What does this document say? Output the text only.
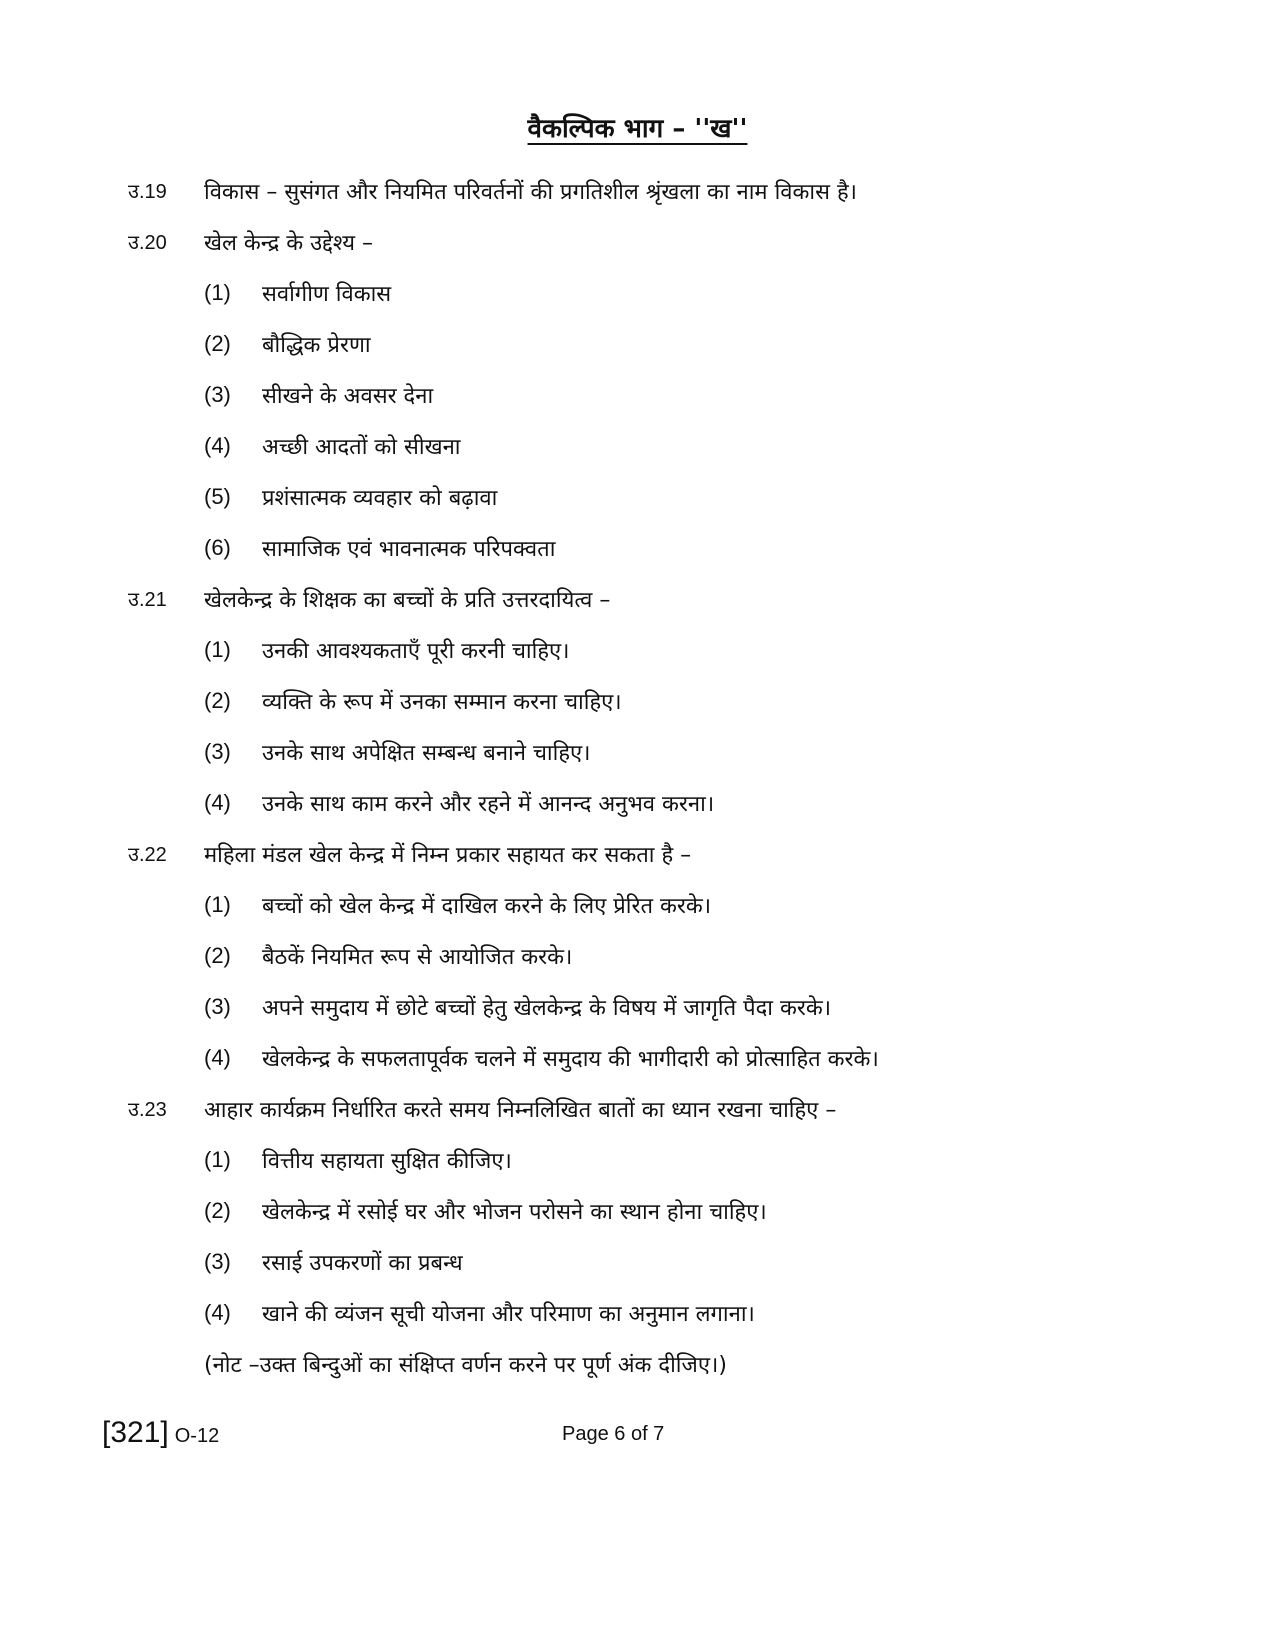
वैकल्पिक भाग – ''ख''
उ.19	विकास – सुसंगत और नियमित परिवर्तनों की प्रगतिशील श्रृंखला का नाम विकास है।
उ.20	खेल केन्द्र के उद्देश्य –
(1)	सर्वागीण विकास
(2)	बौद्धिक प्रेरणा
(3)	सीखने के अवसर देना
(4)	अच्छी आदतों को सीखना
(5)	प्रशंसात्मक व्यवहार को बढ़ावा
(6)	सामाजिक एवं भावनात्मक परिपक्वता
उ.21	खेलकेन्द्र के शिक्षक का बच्चों के प्रति उत्तरदायित्व –
(1)	उनकी आवश्यकताएँ पूरी करनी चाहिए।
(2)	व्यक्ति के रूप में उनका सम्मान करना चाहिए।
(3)	उनके साथ अपेक्षित सम्बन्ध बनाने चाहिए।
(4)	उनके साथ काम करने और रहने में आनन्द अनुभव करना।
उ.22	महिला मंडल खेल केन्द्र में निम्न प्रकार सहायत कर सकता है –
(1)	बच्चों को खेल केन्द्र में दाखिल करने के लिए प्रेरित करके।
(2)	बैठकें नियमित रूप से आयोजित करके।
(3)	अपने समुदाय में छोटे बच्चों हेतु खेलकेन्द्र के विषय में जागृति पैदा करके।
(4)	खेलकेन्द्र के सफलतापूर्वक चलने में समुदाय की भागीदारी को प्रोत्साहित करके।
उ.23	आहार कार्यक्रम निर्धारित करते समय निम्नलिखित बातों का ध्यान रखना चाहिए –
(1)	वित्तीय सहायता सुक्षित कीजिए।
(2)	खेलकेन्द्र में रसोई घर और भोजन परोसने का स्थान होना चाहिए।
(3)	रसाई उपकरणों का प्रबन्ध
(4)	खाने की व्यंजन सूची योजना और परिमाण का अनुमान लगाना।
(नोट –उक्त बिन्दुओं का संक्षिप्त वर्णन करने पर पूर्ण अंक दीजिए।)
[321] O-12	Page 6 of 7
